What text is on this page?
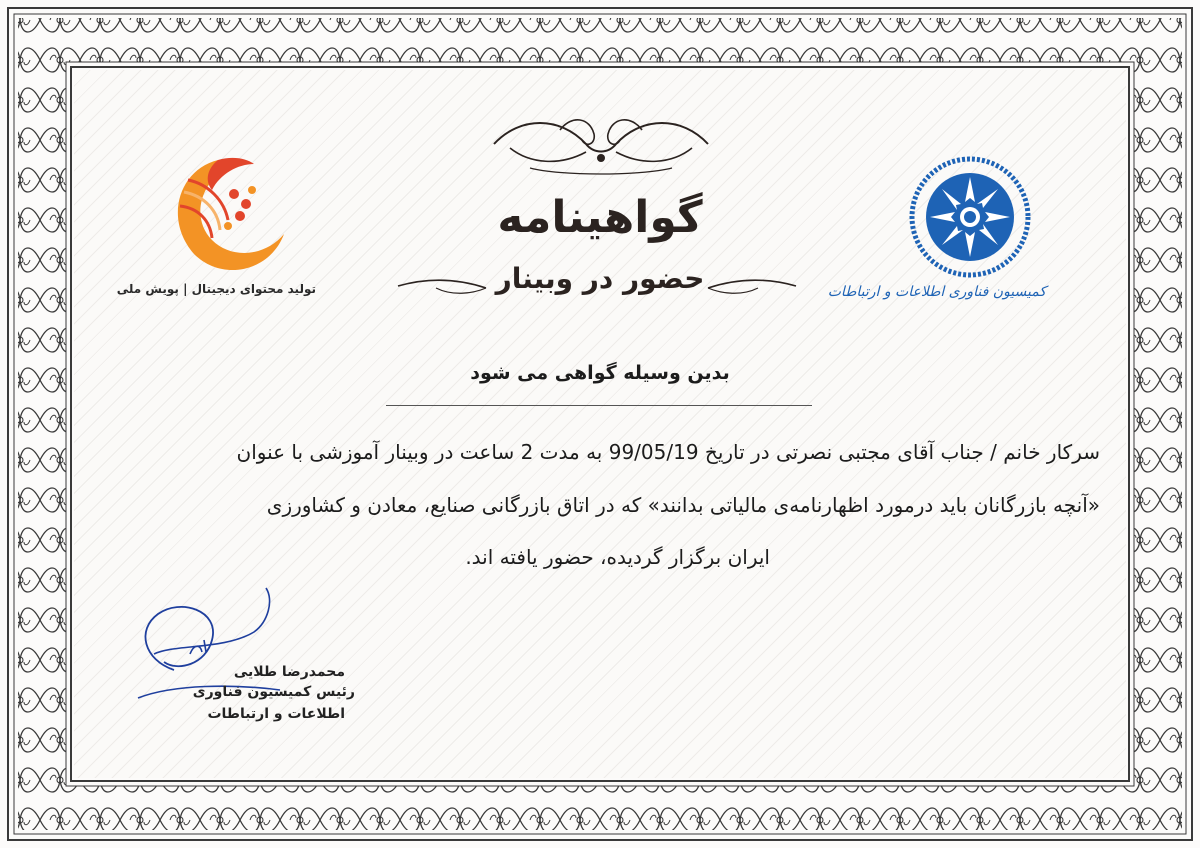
گواهینامه
حضور در وبینار
تولید محتوای دیجیتال | پویش ملی	کمیسیون فناوری اطلاعات و ارتباطات
بدین وسیله گواهی می شود
سرکار خانم / جناب آقای مجتبی نصرتی در تاریخ 99/05/19 به مدت 2 ساعت در وبینار آموزشی با عنوان
«آنچه بازرگانان باید درمورد اظهارنامه‌ی مالیاتی بدانند» که در اتاق بازرگانی صنایع، معادن و کشاورزی
ایران برگزار گردیده، حضور یافته اند.
محمدرضا طلایی
رئیس کمیسیون فناوری
اطلاعات و ارتباطات
